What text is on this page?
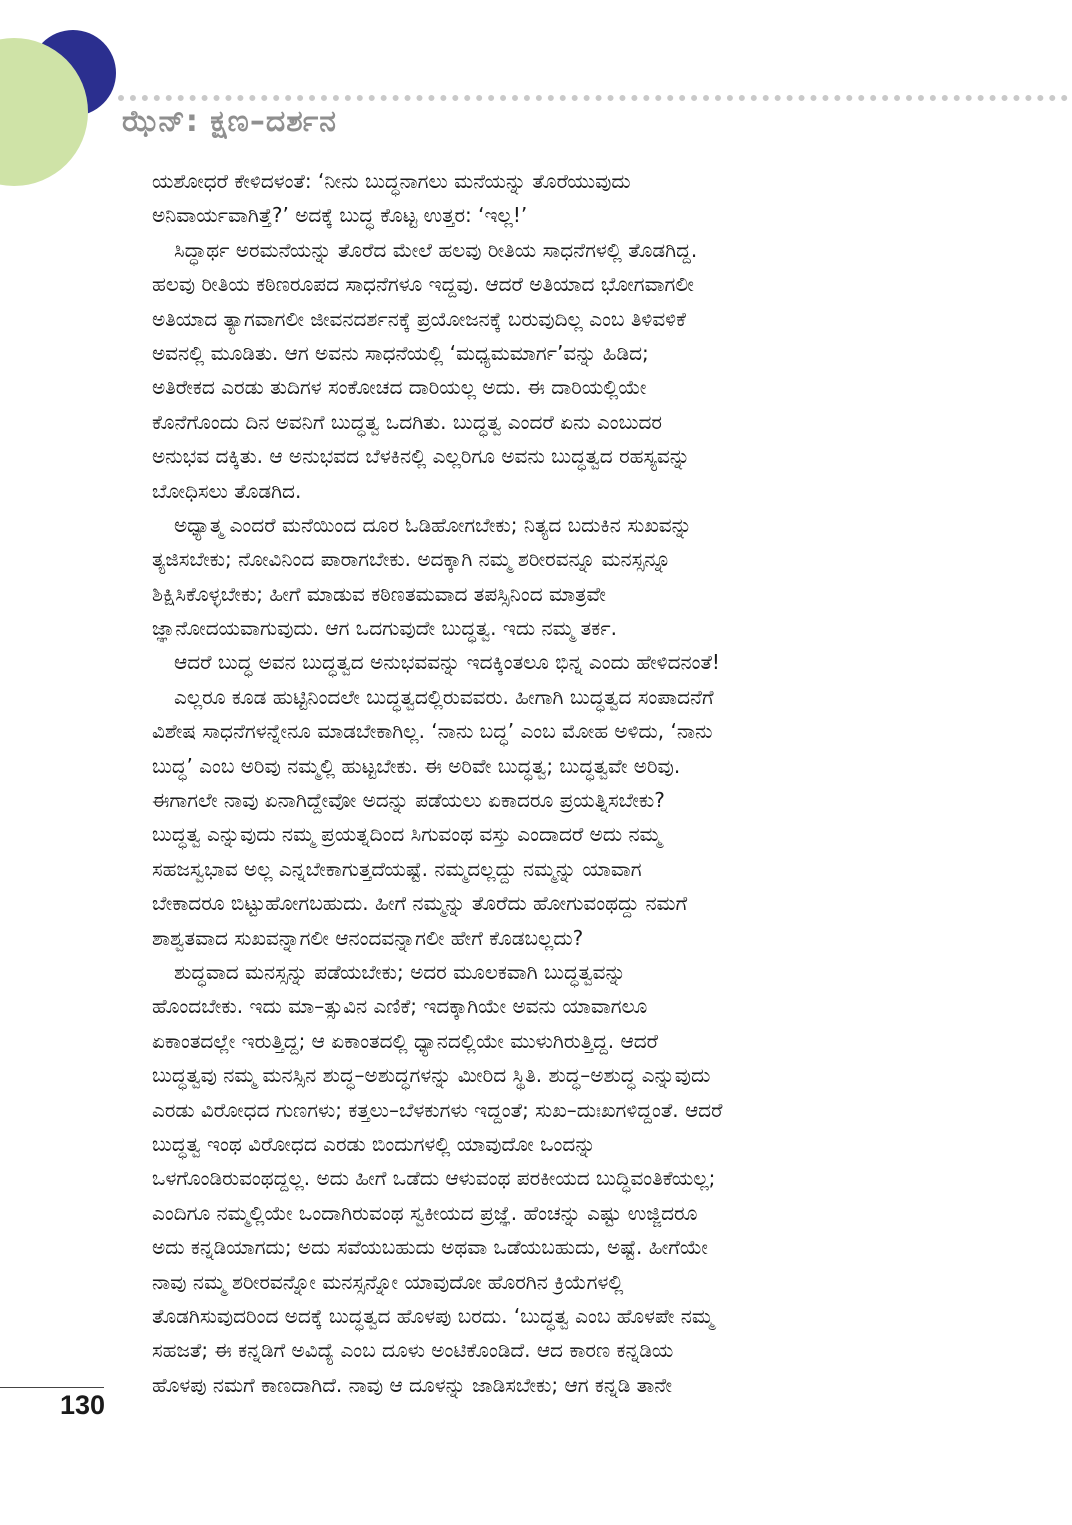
ಝೆನ್: ಕ್ಷಣ–ದರ್ಶನ
ಯಶೋಧರೆ ಕೇಳಿದಳಂತೆ: ‘ನೀನು ಬುದ್ಧನಾಗಲು ಮನೆಯನ್ನು ತೊರೆಯುವುದು
ಅನಿವಾರ್ಯವಾಗಿತ್ತೆ?’ ಅದಕ್ಕೆ ಬುದ್ಧ ಕೊಟ್ಟ ಉತ್ತರ: ‘ಇಲ್ಲ!’
ಸಿದ್ಧಾರ್ಥ ಅರಮನೆಯನ್ನು ತೊರೆದ ಮೇಲೆ ಹಲವು ರೀತಿಯ ಸಾಧನೆಗಳಲ್ಲಿ ತೊಡಗಿದ್ದ.
ಹಲವು ರೀತಿಯ ಕಠಿಣರೂಪದ ಸಾಧನೆಗಳೂ ಇದ್ದವು. ಆದರೆ ಅತಿಯಾದ ಭೋಗವಾಗಲೀ
ಅತಿಯಾದ ತ್ಯಾಗವಾಗಲೀ ಜೀವನದರ್ಶನಕ್ಕೆ ಪ್ರಯೋಜನಕ್ಕೆ ಬರುವುದಿಲ್ಲ ಎಂಬ ತಿಳಿವಳಿಕೆ
ಅವನಲ್ಲಿ ಮೂಡಿತು. ಆಗ ಅವನು ಸಾಧನೆಯಲ್ಲಿ ‘ಮಧ್ಯಮಮಾರ್ಗ’ವನ್ನು ಹಿಡಿದ;
ಅತಿರೇಕದ ಎರಡು ತುದಿಗಳ ಸಂಕೋಚದ ದಾರಿಯಲ್ಲ ಅದು. ಈ ದಾರಿಯಲ್ಲಿಯೇ
ಕೊನೆಗೊಂದು ದಿನ ಅವನಿಗೆ ಬುದ್ಧತ್ವ ಒದಗಿತು. ಬುದ್ಧತ್ವ ಎಂದರೆ ಏನು ಎಂಬುದರ
ಅನುಭವ ದಕ್ಕಿತು. ಆ ಅನುಭವದ ಬೆಳಕಿನಲ್ಲಿ ಎಲ್ಲರಿಗೂ ಅವನು ಬುದ್ಧತ್ವದ ರಹಸ್ಯವನ್ನು
ಬೋಧಿಸಲು ತೊಡಗಿದ.
ಅಧ್ಯಾತ್ಮ ಎಂದರೆ ಮನೆಯಿಂದ ದೂರ ಓಡಿಹೋಗಬೇಕು; ನಿತ್ಯದ ಬದುಕಿನ ಸುಖವನ್ನು
ತ್ಯಜಿಸಬೇಕು; ನೋವಿನಿಂದ ಪಾರಾಗಬೇಕು. ಅದಕ್ಕಾಗಿ ನಮ್ಮ ಶರೀರವನ್ನೂ ಮನಸ್ಸನ್ನೂ
ಶಿಕ್ಷಿಸಿಕೊಳ್ಳಬೇಕು; ಹೀಗೆ ಮಾಡುವ ಕಠಿಣತಮವಾದ ತಪಸ್ಸಿನಿಂದ ಮಾತ್ರವೇ
ಜ್ಞಾನೋದಯವಾಗುವುದು. ಆಗ ಒದಗುವುದೇ ಬುದ್ಧತ್ವ. ಇದು ನಮ್ಮ ತರ್ಕ.
ಆದರೆ ಬುದ್ಧ ಅವನ ಬುದ್ಧತ್ವದ ಅನುಭವವನ್ನು ಇದಕ್ಕಿಂತಲೂ ಭಿನ್ನ ಎಂದು ಹೇಳಿದನಂತೆ!
ಎಲ್ಲರೂ ಕೂಡ ಹುಟ್ಟಿನಿಂದಲೇ ಬುದ್ಧತ್ವದಲ್ಲಿರುವವರು. ಹೀಗಾಗಿ ಬುದ್ಧತ್ವದ ಸಂಪಾದನೆಗೆ
ವಿಶೇಷ ಸಾಧನೆಗಳನ್ನೇನೂ ಮಾಡಬೇಕಾಗಿಲ್ಲ. ‘ನಾನು ಬದ್ಧ’ ಎಂಬ ಮೋಹ ಅಳಿದು, ‘ನಾನು
ಬುದ್ಧ’ ಎಂಬ ಅರಿವು ನಮ್ಮಲ್ಲಿ ಹುಟ್ಟಬೇಕು. ಈ ಅರಿವೇ ಬುದ್ಧತ್ವ; ಬುದ್ಧತ್ವವೇ ಅರಿವು.
ಈಗಾಗಲೇ ನಾವು ಏನಾಗಿದ್ದೇವೋ ಅದನ್ನು ಪಡೆಯಲು ಏಕಾದರೂ ಪ್ರಯತ್ನಿಸಬೇಕು?
ಬುದ್ಧತ್ವ ಎನ್ನುವುದು ನಮ್ಮ ಪ್ರಯತ್ನದಿಂದ ಸಿಗುವಂಥ ವಸ್ತು ಎಂದಾದರೆ ಅದು ನಮ್ಮ
ಸಹಜಸ್ವಭಾವ ಅಲ್ಲ ಎನ್ನಬೇಕಾಗುತ್ತದೆಯಷ್ಟೆ. ನಮ್ಮದಲ್ಲದ್ದು ನಮ್ಮನ್ನು ಯಾವಾಗ
ಬೇಕಾದರೂ ಬಿಟ್ಟುಹೋಗಬಹುದು. ಹೀಗೆ ನಮ್ಮನ್ನು ತೊರೆದು ಹೋಗುವಂಥದ್ದು ನಮಗೆ
ಶಾಶ್ವತವಾದ ಸುಖವನ್ನಾಗಲೀ ಆನಂದವನ್ನಾಗಲೀ ಹೇಗೆ ಕೊಡಬಲ್ಲದು?
ಶುದ್ಧವಾದ ಮನಸ್ಸನ್ನು ಪಡೆಯಬೇಕು; ಅದರ ಮೂಲಕವಾಗಿ ಬುದ್ಧತ್ವವನ್ನು
ಹೊಂದಬೇಕು. ಇದು ಮಾ–ತ್ಸುವಿನ ಎಣಿಕೆ; ಇದಕ್ಕಾಗಿಯೇ ಅವನು ಯಾವಾಗಲೂ
ಏಕಾಂತದಲ್ಲೇ ಇರುತ್ತಿದ್ದ; ಆ ಏಕಾಂತದಲ್ಲಿ ಧ್ಯಾನದಲ್ಲಿಯೇ ಮುಳುಗಿರುತ್ತಿದ್ದ. ಆದರೆ
ಬುದ್ಧತ್ವವು ನಮ್ಮ ಮನಸ್ಸಿನ ಶುದ್ಧ–ಅಶುದ್ಧಗಳನ್ನು ಮೀರಿದ ಸ್ಥಿತಿ. ಶುದ್ಧ–ಅಶುದ್ಧ ಎನ್ನುವುದು
ಎರಡು ವಿರೋಧದ ಗುಣಗಳು; ಕತ್ತಲು–ಬೆಳಕುಗಳು ಇದ್ದಂತೆ; ಸುಖ–ದುಃಖಗಳಿದ್ದಂತೆ. ಆದರೆ
ಬುದ್ಧತ್ವ ಇಂಥ ವಿರೋಧದ ಎರಡು ಬಿಂದುಗಳಲ್ಲಿ ಯಾವುದೋ ಒಂದನ್ನು
ಒಳಗೊಂಡಿರುವಂಥದ್ದಲ್ಲ. ಅದು ಹೀಗೆ ಒಡೆದು ಆಳುವಂಥ ಪರಕೀಯದ ಬುದ್ಧಿವಂತಿಕೆಯಲ್ಲ;
ಎಂದಿಗೂ ನಮ್ಮಲ್ಲಿಯೇ ಒಂದಾಗಿರುವಂಥ ಸ್ವಕೀಯದ ಪ್ರಜ್ಞೆ. ಹೆಂಚನ್ನು ಎಷ್ಟು ಉಜ್ಜಿದರೂ
ಅದು ಕನ್ನಡಿಯಾಗದು; ಅದು ಸವೆಯಬಹುದು ಅಥವಾ ಒಡೆಯಬಹುದು, ಅಷ್ಟೆ. ಹೀಗೆಯೇ
ನಾವು ನಮ್ಮ ಶರೀರವನ್ನೋ ಮನಸ್ಸನ್ನೋ ಯಾವುದೋ ಹೊರಗಿನ ಕ್ರಿಯೆಗಳಲ್ಲಿ
ತೊಡಗಿಸುವುದರಿಂದ ಅದಕ್ಕೆ ಬುದ್ಧತ್ವದ ಹೊಳಪು ಬರದು. ‘ಬುದ್ಧತ್ವ ಎಂಬ ಹೊಳಪೇ ನಮ್ಮ
ಸಹಜತೆ; ಈ ಕನ್ನಡಿಗೆ ಅವಿದ್ಯೆ ಎಂಬ ದೂಳು ಅಂಟಿಕೊಂಡಿದೆ. ಆದ ಕಾರಣ ಕನ್ನಡಿಯ
ಹೊಳಪು ನಮಗೆ ಕಾಣದಾಗಿದೆ. ನಾವು ಆ ದೂಳನ್ನು ಜಾಡಿಸಬೇಕು; ಆಗ ಕನ್ನಡಿ ತಾನೇ
130
